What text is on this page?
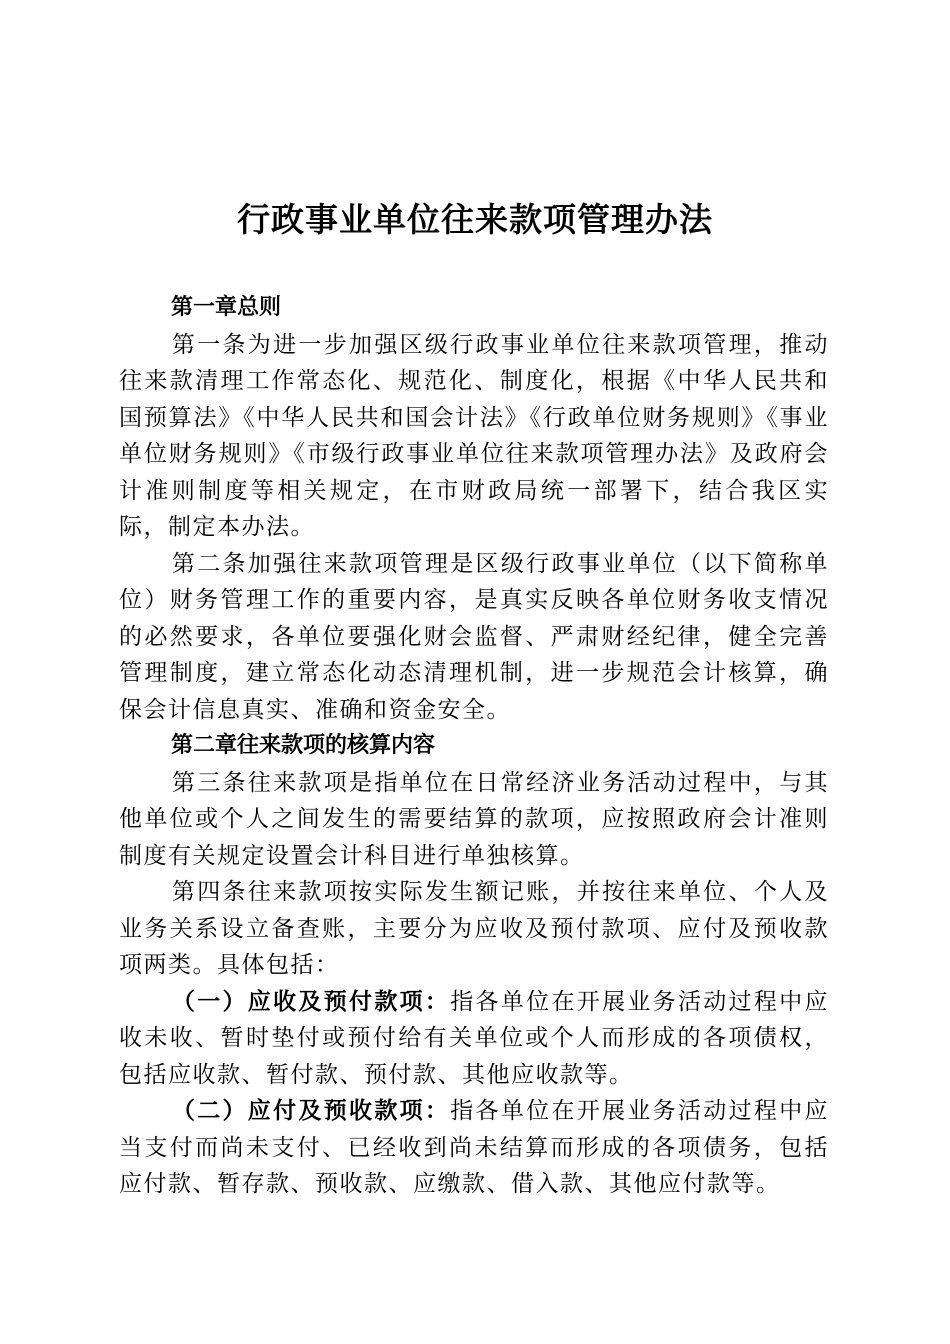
行政事业单位往来款项管理办法

第一章总则

第一条为进一步加强区级行政事业单位往来款项管理，推动往来款清理工作常态化、规范化、制度化，根据《中华人民共和国预算法》《中华人民共和国会计法》《行政单位财务规则》《事业单位财务规则》《市级行政事业单位往来款项管理办法》及政府会计准则制度等相关规定，在市财政局统一部署下，结合我区实际，制定本办法。

第二条加强往来款项管理是区级行政事业单位（以下简称单位）财务管理工作的重要内容，是真实反映各单位财务收支情况的必然要求，各单位要强化财会监督、严肃财经纪律，健全完善管理制度，建立常态化动态清理机制，进一步规范会计核算，确保会计信息真实、准确和资金安全。

第二章往来款项的核算内容

第三条往来款项是指单位在日常经济业务活动过程中，与其他单位或个人之间发生的需要结算的款项，应按照政府会计准则制度有关规定设置会计科目进行单独核算。

第四条往来款项按实际发生额记账，并按往来单位、个人及业务关系设立备查账，主要分为应收及预付款项、应付及预收款项两类。具体包括：

（一）应收及预付款项：指各单位在开展业务活动过程中应收未收、暂时垫付或预付给有关单位或个人而形成的各项债权，包括应收款、暂付款、预付款、其他应收款等。

（二）应付及预收款项：指各单位在开展业务活动过程中应当支付而尚未支付、已经收到尚未结算而形成的各项债务，包括应付款、暂存款、预收款、应缴款、借入款、其他应付款等。
